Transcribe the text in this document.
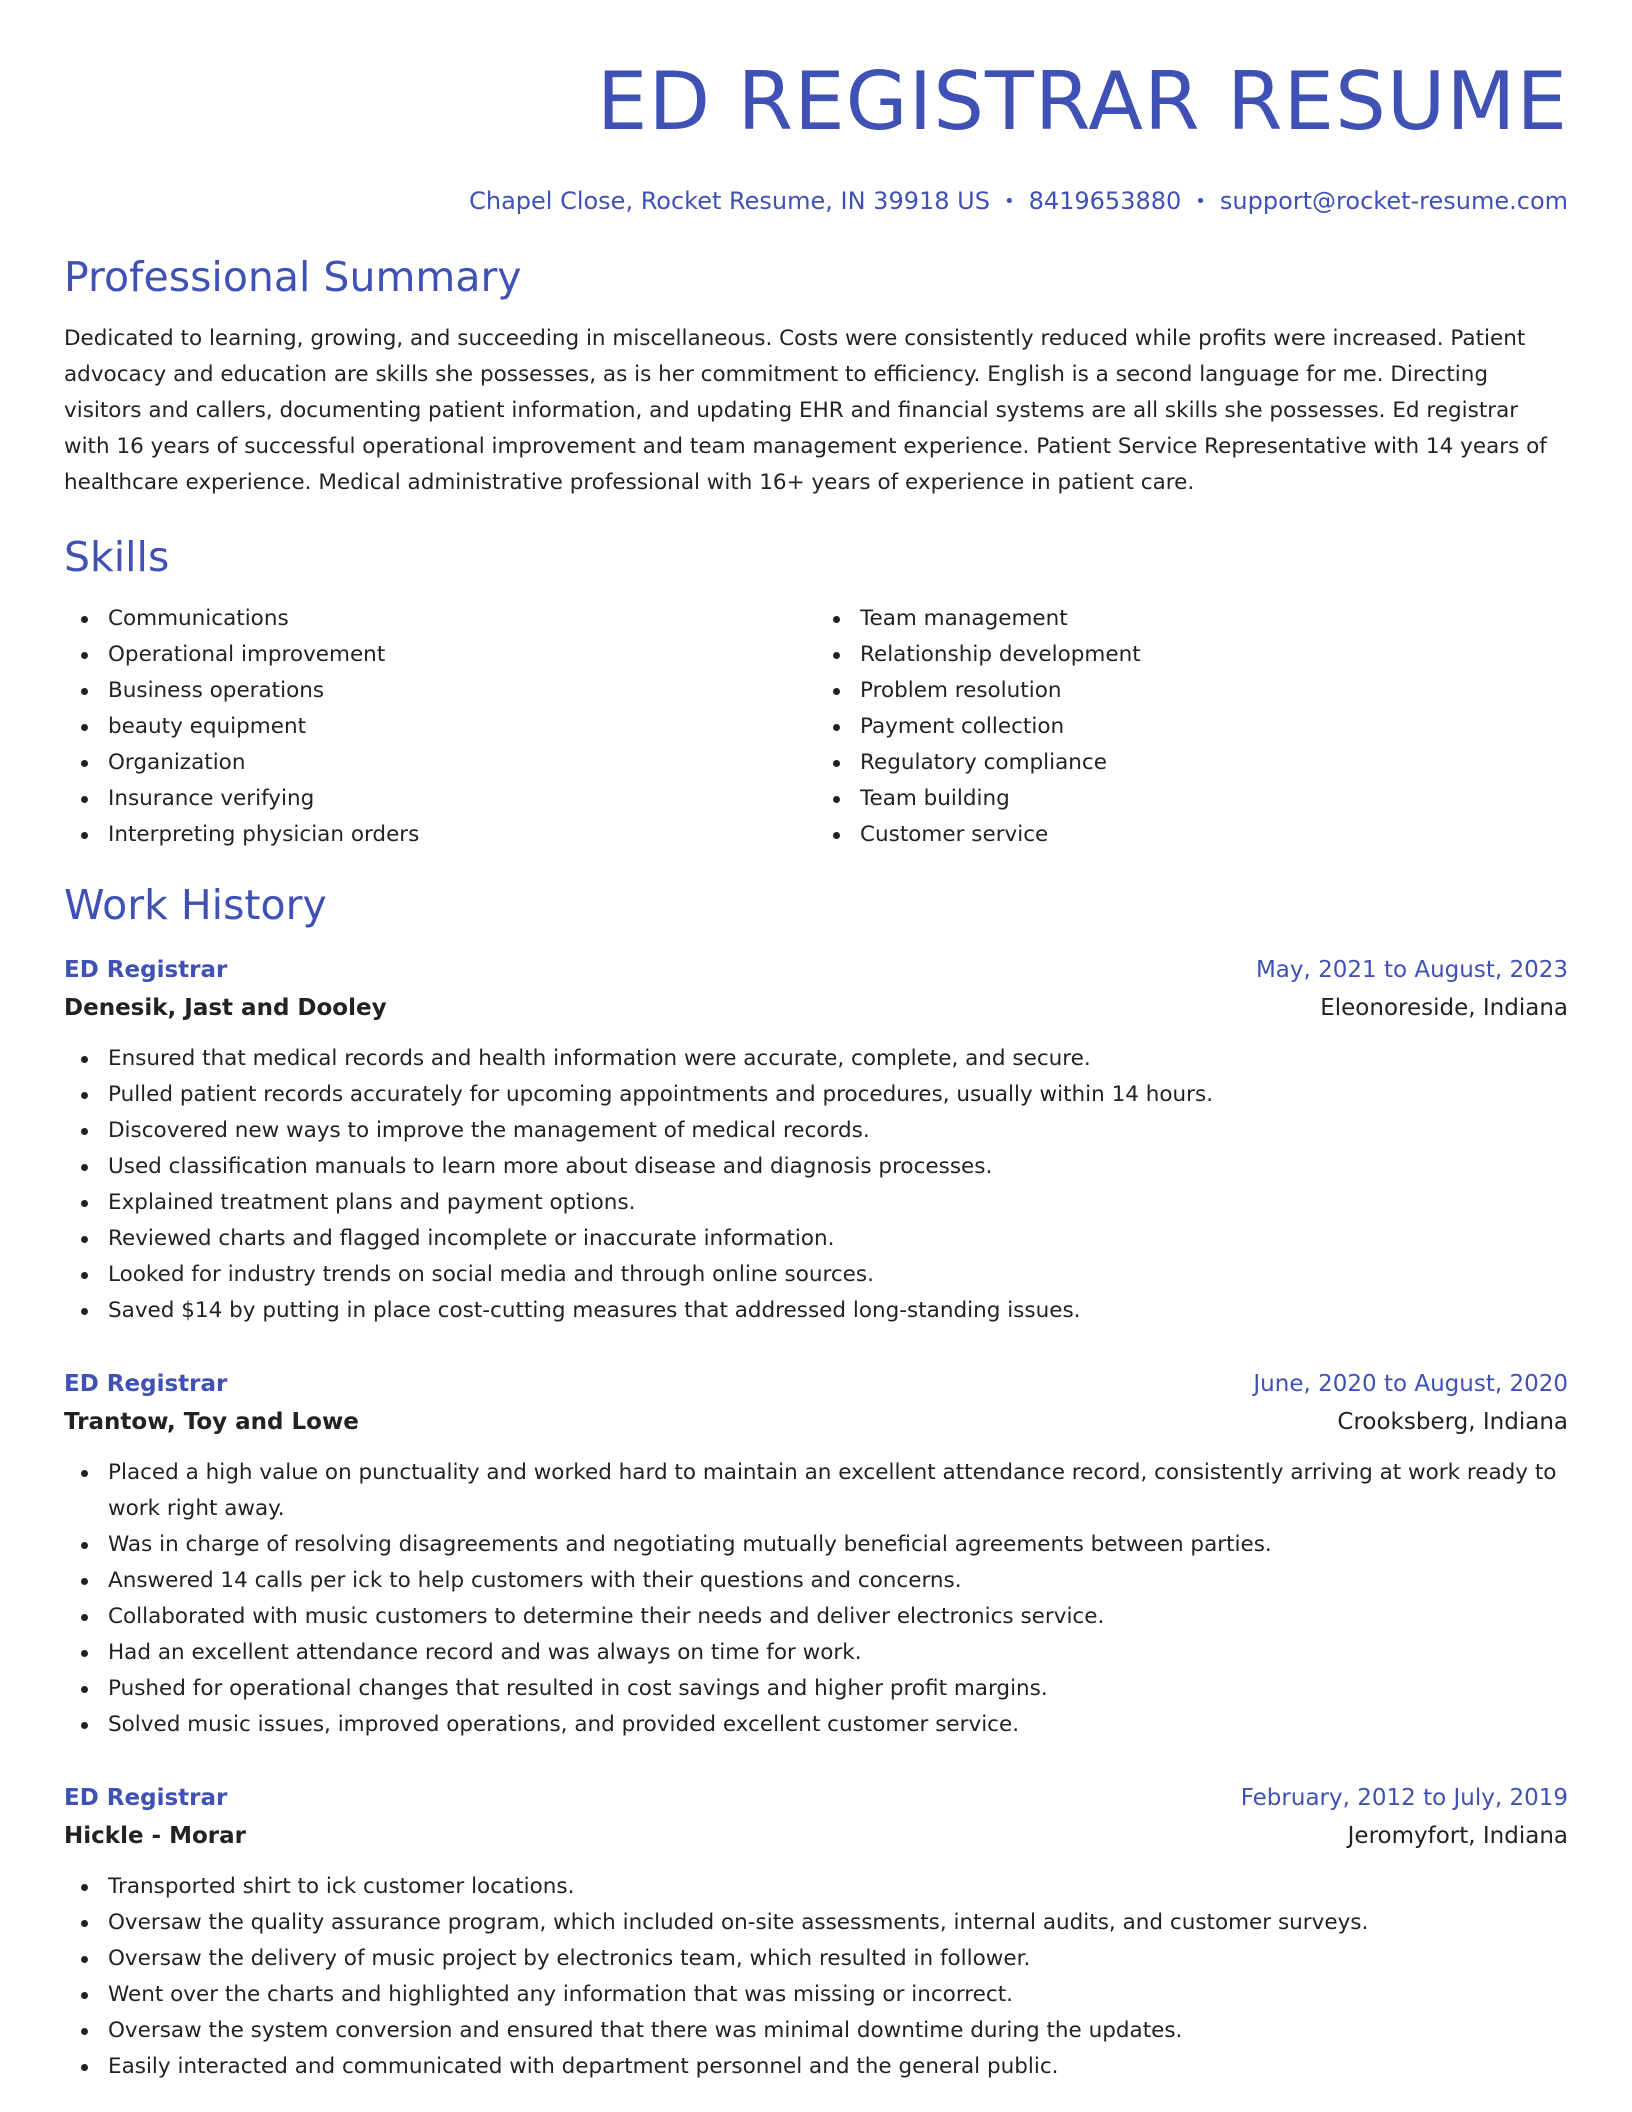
ED REGISTRAR RESUME
Chapel Close, Rocket Resume, IN 39918 US • 8419653880 • support@rocket-resume.com
Professional Summary

Dedicated to learning, growing, and succeeding in miscellaneous. Costs were consistently reduced while profits were increased. Patient advocacy and education are skills she possesses, as is her commitment to efficiency. English is a second language for me. Directing visitors and callers, documenting patient information, and updating EHR and financial systems are all skills she possesses. Ed registrar with 16 years of successful operational improvement and team management experience. Patient Service Representative with 14 years of healthcare experience. Medical administrative professional with 16+ years of experience in patient care.

Skills
Communications
Operational improvement
Business operations
beauty equipment
Organization
Insurance verifying
Interpreting physician orders
Team management
Relationship development
Problem resolution
Payment collection
Regulatory compliance
Team building
Customer service
Work History
ED Registrar	May, 2021 to August, 2023
Denesik, Jast and Dooley	Eleonoreside, Indiana
Ensured that medical records and health information were accurate, complete, and secure.
Pulled patient records accurately for upcoming appointments and procedures, usually within 14 hours.
Discovered new ways to improve the management of medical records.
Used classification manuals to learn more about disease and diagnosis processes.
Explained treatment plans and payment options.
Reviewed charts and flagged incomplete or inaccurate information.
Looked for industry trends on social media and through online sources.
Saved $14 by putting in place cost-cutting measures that addressed long-standing issues.
ED Registrar	June, 2020 to August, 2020
Trantow, Toy and Lowe	Crooksberg, Indiana
Placed a high value on punctuality and worked hard to maintain an excellent attendance record, consistently arriving at work ready to work right away.
Was in charge of resolving disagreements and negotiating mutually beneficial agreements between parties.
Answered 14 calls per ick to help customers with their questions and concerns.
Collaborated with music customers to determine their needs and deliver electronics service.
Had an excellent attendance record and was always on time for work.
Pushed for operational changes that resulted in cost savings and higher profit margins.
Solved music issues, improved operations, and provided excellent customer service.
ED Registrar	February, 2012 to July, 2019
Hickle - Morar	Jeromyfort, Indiana
Transported shirt to ick customer locations.
Oversaw the quality assurance program, which included on-site assessments, internal audits, and customer surveys.
Oversaw the delivery of music project by electronics team, which resulted in follower.
Went over the charts and highlighted any information that was missing or incorrect.
Oversaw the system conversion and ensured that there was minimal downtime during the updates.
Easily interacted and communicated with department personnel and the general public.
